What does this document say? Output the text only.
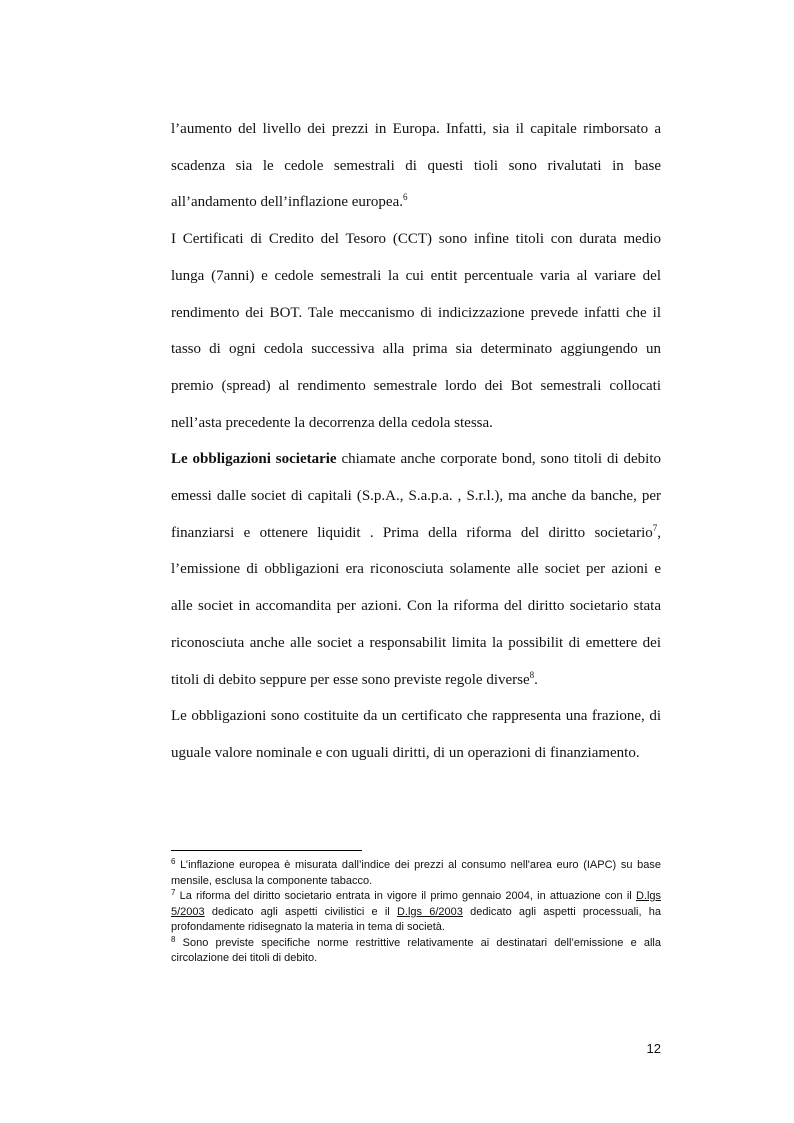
l’aumento del livello dei prezzi in Europa. Infatti, sia il capitale rimborsato a scadenza sia le cedole semestrali di questi tioli sono rivalutati in base all’andamento dell’inflazione europea.$^6$

I Certificati di Credito del Tesoro (CCT) sono infine titoli con durata medio lunga (7anni) e cedole semestrali la cui entit percentuale varia al variare del rendimento dei BOT. Tale meccanismo di indicizzazione prevede infatti che il tasso di ogni cedola successiva alla prima sia determinato aggiungendo un premio (spread) al rendimento semestrale lordo dei Bot semestrali collocati nell’asta precedente la decorrenza della cedola stessa.

Le obbligazioni societarie chiamate anche corporate bond, sono titoli di debito emessi dalle societ di capitali (S.p.A., S.a.p.a. , S.r.l.), ma anche da banche, per finanziarsi e ottenere liquidit . Prima della riforma del diritto societario$^7$, l’emissione di obbligazioni era riconosciuta solamente alle societ per azioni e alle societ in accomandita per azioni. Con la riforma del diritto societario stata riconosciuta anche alle societ a responsabilit limita la possibilit di emettere dei titoli di debito seppure per esse sono previste regole diverse$^8$.

Le obbligazioni sono costituite da un certificato che rappresenta una frazione, di uguale valore nominale e con uguali diritti, di un operazioni di finanziamento.

$^6$ L’inflazione europea è misurata dall’indice dei prezzi al consumo nell'area euro (IAPC) su base mensile, esclusa la componente tabacco.

$^7$ La riforma del diritto societario entrata in vigore il primo gennaio 2004, in attuazione con il D.lgs 5/2003 dedicato agli aspetti civilistici e il D.lgs 6/2003 dedicato agli aspetti processuali, ha profondamente ridisegnato la materia in tema di società.

$^8$ Sono previste specifiche norme restrittive relativamente ai destinatari dell’emissione e alla circolazione dei titoli di debito.

12
